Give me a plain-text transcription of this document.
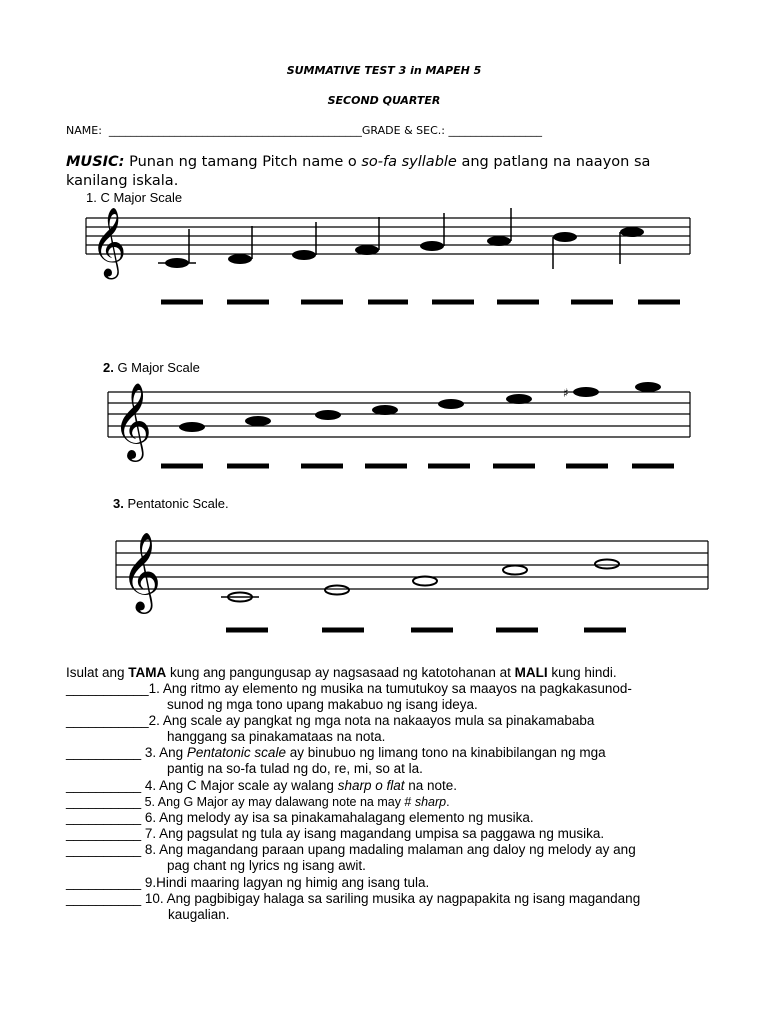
SUMMATIVE TEST 3 in MAPEH 5
SECOND QUARTER
NAME: ______________________________________________GRADE & SEC.: _________________
MUSIC: Punan ng tamang Pitch name o so-fa syllable ang patlang na naayon sa
kanilang iskala.
1. C Major Scale
2. G Major Scale
3. Pentatonic Scale.
𝄞
𝄞	♯
𝄞
Isulat ang TAMA kung ang pangungusap ay nagsasaad ng katotohanan at MALI kung hindi.
___________1. Ang ritmo ay elemento ng musika na tumutukoy sa maayos na pagkakasunod-
sunod ng mga tono upang makabuo ng isang ideya.
___________2. Ang scale ay pangkat ng mga nota na nakaayos mula sa pinakamababa
hanggang sa pinakamataas na nota.
__________ 3. Ang Pentatonic scale ay binubuo ng limang tono na kinabibilangan ng mga
pantig na so-fa tulad ng do, re, mi, so at la.
__________ 4. Ang C Major scale ay walang sharp o flat na note.
__________ 5. Ang G Major ay may dalawang note na may # sharp.
__________ 6. Ang melody ay isa sa pinakamahalagang elemento ng musika.
__________ 7. Ang pagsulat ng tula ay isang magandang umpisa sa paggawa ng musika.
__________ 8. Ang magandang paraan upang madaling malaman ang daloy ng melody ay ang
pag chant ng lyrics ng isang awit.
__________ 9.Hindi maaring lagyan ng himig ang isang tula.
__________ 10. Ang pagbibigay halaga sa sariling musika ay nagpapakita ng isang magandang
kaugalian.
